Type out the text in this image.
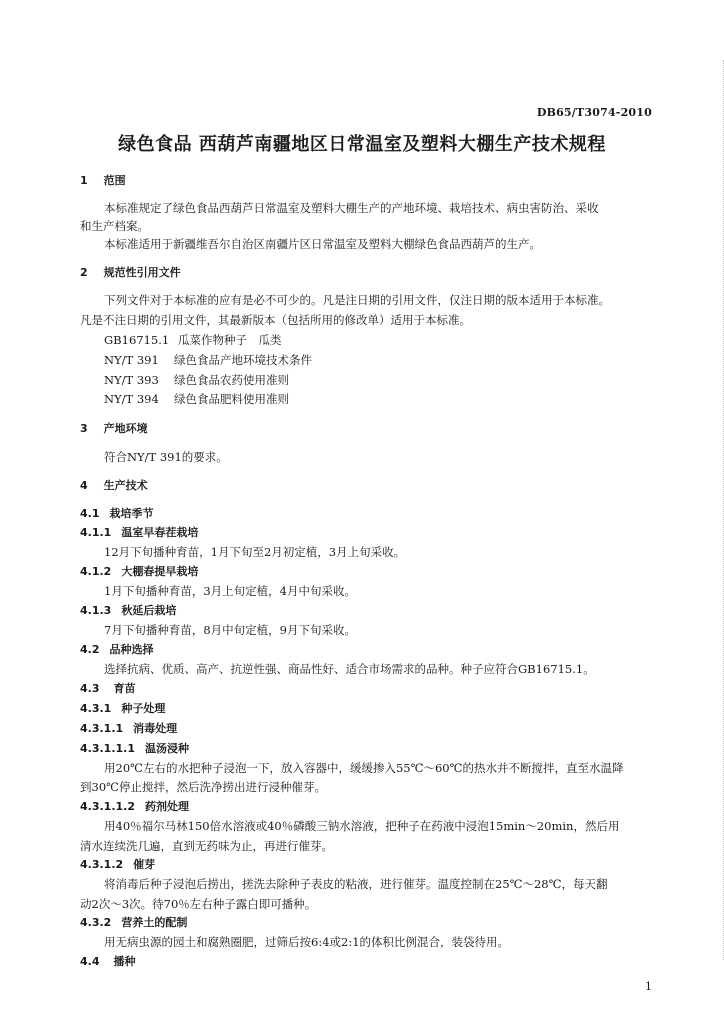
DB65/T3074-2010
绿色食品 西葫芦南疆地区日常温室及塑料大棚生产技术规程
1 范围
本标准规定了绿色食品西葫芦日常温室及塑料大棚生产的产地环境、栽培技术、病虫害防治、采收
和生产档案。
本标准适用于新疆维吾尔自治区南疆片区日常温室及塑料大棚绿色食品西葫芦的生产。
2 规范性引用文件
下列文件对于本标准的应有是必不可少的。凡是注日期的引用文件，仅注日期的版本适用于本标准。
凡是不注日期的引用文件，其最新版本（包括所用的修改单）适用于本标准。
GB16715.1 瓜菜作物种子　瓜类
NY/T 391 绿色食品产地环境技术条件
NY/T 393 绿色食品农药使用准则
NY/T 394 绿色食品肥料使用准则
3 产地环境
符合NY/T 391的要求。
4 生产技术
4.1 栽培季节
4.1.1 温室早春茬栽培
12月下旬播种育苗，1月下旬至2月初定植，3月上旬采收。
4.1.2 大棚春提早栽培
1月下旬播种育苗，3月上旬定植，4月中旬采收。
4.1.3 秋延后栽培
7月下旬播种育苗，8月中旬定植，9月下旬采收。
4.2 品种选择
选择抗病、优质、高产、抗逆性强、商品性好、适合市场需求的品种。种子应符合GB16715.1。
4.3 育苗
4.3.1 种子处理
4.3.1.1 消毒处理
4.3.1.1.1 温汤浸种
用20℃左右的水把种子浸泡一下，放入容器中，缓缓掺入55℃～60℃的热水并不断搅拌，直至水温降
到30℃停止搅拌，然后洗净捞出进行浸种催芽。
4.3.1.1.2 药剂处理
用40％福尔马林150倍水溶液或40％磷酸三钠水溶液，把种子在药液中浸泡15min～20min，然后用
清水连续洗几遍，直到无药味为止，再进行催芽。
4.3.1.2 催芽
将消毒后种子浸泡后捞出，搓洗去除种子表皮的粘液，进行催芽。温度控制在25℃～28℃，每天翻
动2次～3次。待70％左右种子露白即可播种。
4.3.2 营养土的配制
用无病虫源的园土和腐熟圈肥，过筛后按6:4或2:1的体积比例混合，装袋待用。
4.4 播种
1
